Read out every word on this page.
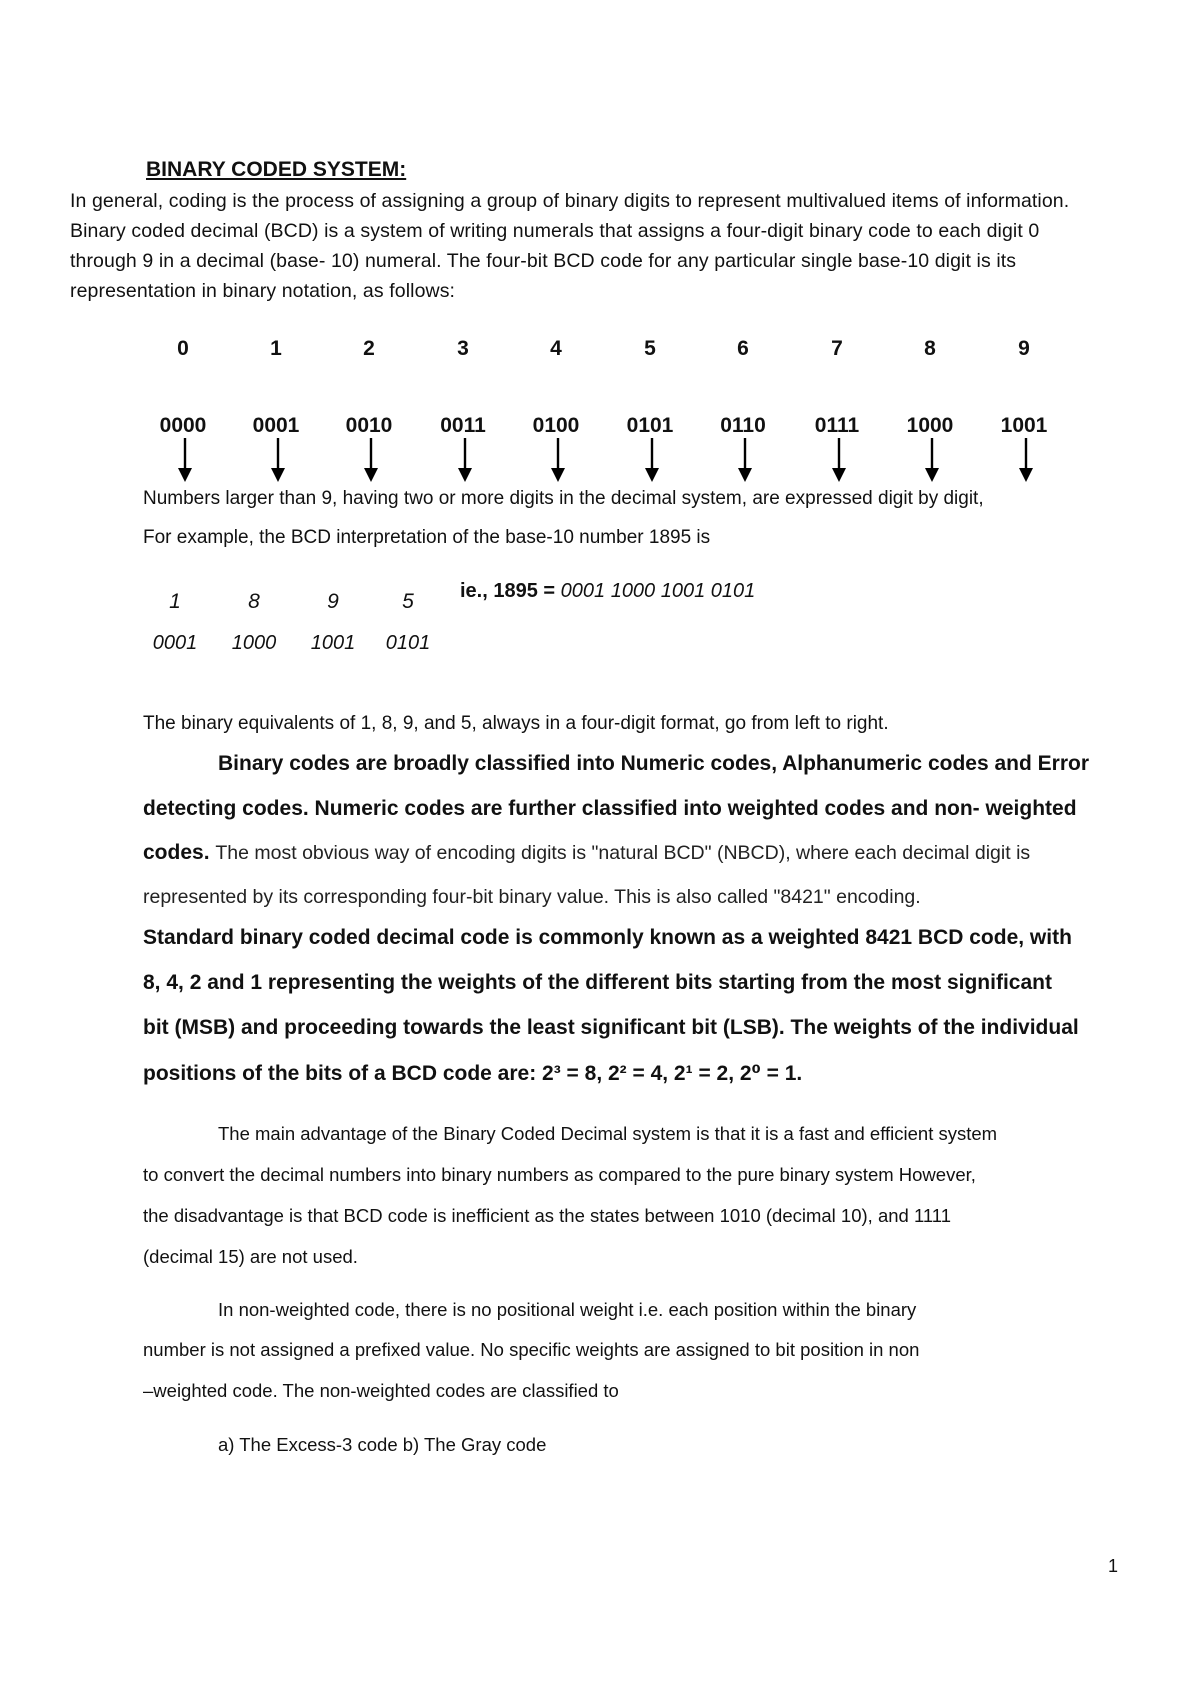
BINARY CODED SYSTEM:
In general, coding is the process of assigning a group of binary digits to represent multivalued items of information.
Binary coded decimal (BCD) is a system of writing numerals that assigns a four-digit binary code to each digit 0
through 9 in a decimal (base- 10) numeral. The four-bit BCD code for any particular single base-10 digit is its
representation in binary notation, as follows:
0	1	2	3	4	5	6	7	8	9
0000	0001	0010	0011	0100	0101	0110	0111	1000	1001
Numbers larger than 9, having two or more digits in the decimal system, are expressed digit by digit,
For example, the BCD interpretation of the base-10 number 1895 is
1	8	9	5
0001	1000	1001	0101
ie., 1895 = 0001 1000 1001 0101
The binary equivalents of 1, 8, 9, and 5, always in a four-digit format, go from left to right.
Binary codes are broadly classified into Numeric codes, Alphanumeric codes and Error
detecting codes. Numeric codes are further classified into weighted codes and non- weighted
codes. The most obvious way of encoding digits is "natural BCD" (NBCD), where each decimal digit is
represented by its corresponding four-bit binary value. This is also called "8421" encoding.
Standard binary coded decimal code is commonly known as a weighted 8421 BCD code, with
8, 4, 2 and 1 representing the weights of the different bits starting from the most significant
bit (MSB) and proceeding towards the least significant bit (LSB). The weights of the individual
positions of the bits of a BCD code are: 2³ = 8, 2² = 4, 2¹ = 2, 2⁰ = 1.
The main advantage of the Binary Coded Decimal system is that it is a fast and efficient system
to convert the decimal numbers into binary numbers as compared to the pure binary system However,
the disadvantage is that BCD code is inefficient as the states between 1010 (decimal 10), and 1111
(decimal 15) are not used.
In non-weighted code, there is no positional weight i.e. each position within the binary
number is not assigned a prefixed value. No specific weights are assigned to bit position in non
–weighted code. The non-weighted codes are classified to
a) The Excess-3 code b) The Gray code
1
